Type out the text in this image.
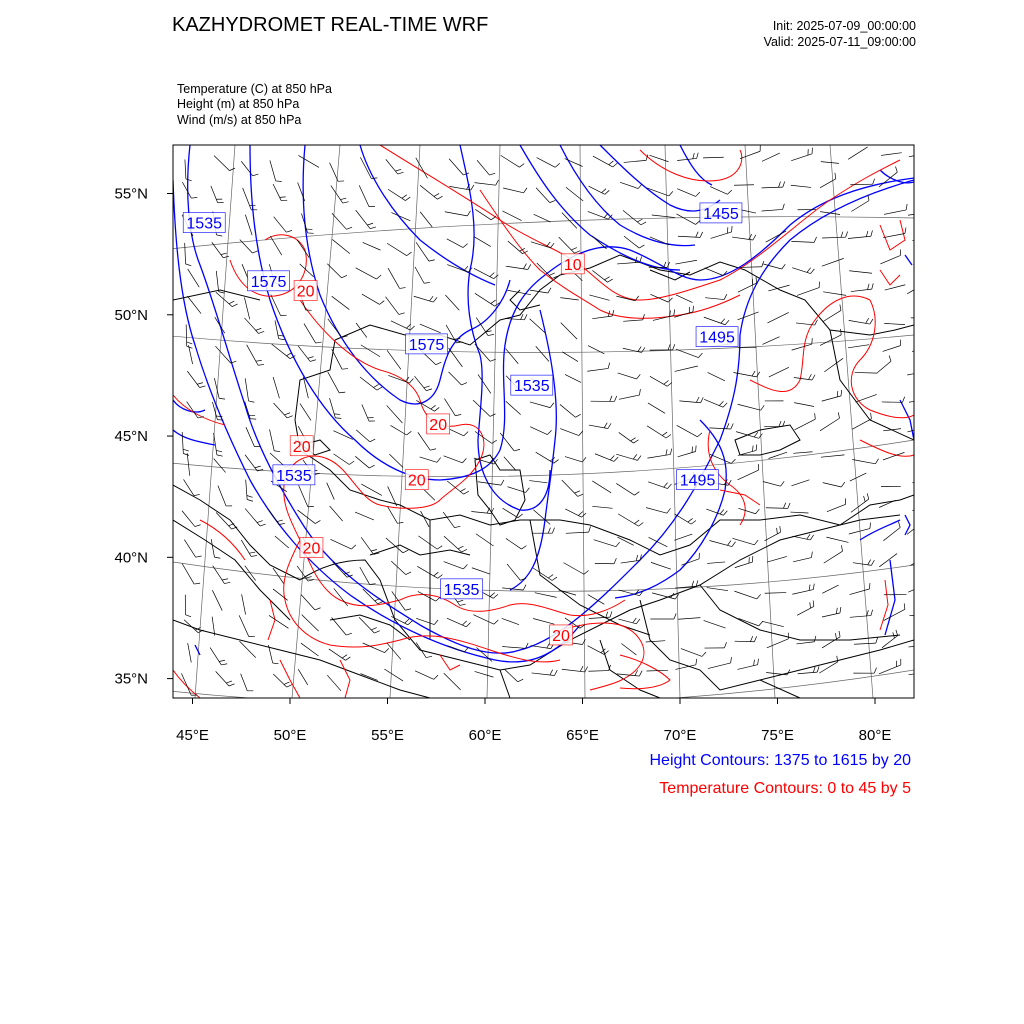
KAZHYDROMET REAL-TIME WRF	Init: 2025-07-09_00:00:00
Valid: 2025-07-11_09:00:00
Temperature (C) at 850 hPa
Height (m) at 850 hPa
Wind (m/s) at 850 hPa
1535
1575
1575
1535
1455
1495
1495
1535
1535
20
20
20
20
20
20
10
45°E	50°E	55°E	60°E	65°E	70°E	75°E	80°E
55°N
50°N
45°N
40°N
35°N
Height Contours: 1375 to 1615 by 20
Temperature Contours: 0 to 45 by 5
